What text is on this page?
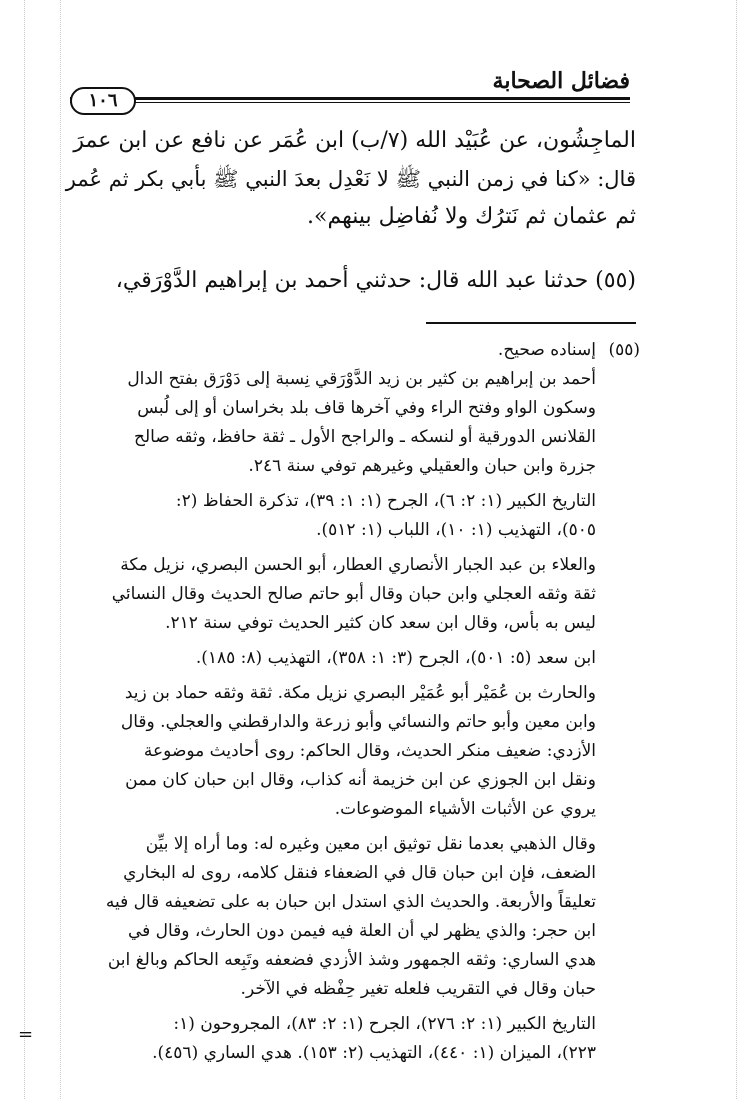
فضائل الصحابة
١٠٦
الماجِشُون، عن عُبَيْد الله (٧/ب) ابن عُمَر عن نافع عن ابن عمرَ
قال: «كنا في زمن النبي ﷺ لا نَعْدِل بعدَ النبي ﷺ بأبي بكر ثم عُمر
ثم عثمان ثم نَترُك ولا نُفاضِل بينهم».
(٥٥) حدثنا عبد الله قال: حدثني أحمد بن إبراهيم الدَّوْرَقي،
(٥٥)إسناده صحيح.
أحمد بن إبراهيم بن كثير بن زيد الدَّوْرَقي نِسبة إلى دَوْرَق بفتح الدال
وسكون الواو وفتح الراء وفي آخرها قاف بلد بخراسان أو إلى لُبس
القلانس الدورقية أو لنسكه ـ والراجح الأول ـ ثقة حافظ، وثقه صالح
جزرة وابن حبان والعقيلي وغيرهم توفي سنة ٢٤٦.
التاريخ الكبير (١: ٢: ٦)، الجرح (١: ١: ٣٩)، تذكرة الحفاظ (٢:
٥٠٥)، التهذيب (١: ١٠)، اللباب (١: ٥١٢).
والعلاء بن عبد الجبار الأنصاري العطار، أبو الحسن البصري، نزيل مكة
ثقة وثقه العجلي وابن حبان وقال أبو حاتم صالح الحديث وقال النسائي
ليس به بأس، وقال ابن سعد كان كثير الحديث توفي سنة ٢١٢.
ابن سعد (٥: ٥٠١)، الجرح (٣: ١: ٣٥٨)، التهذيب (٨: ١٨٥).
والحارث بن عُمَيْر أبو عُمَيْر البصري نزيل مكة. ثقة وثقه حماد بن زيد
وابن معين وأبو حاتم والنسائي وأبو زرعة والدارقطني والعجلي. وقال
الأزدي: ضعيف منكر الحديث، وقال الحاكم: روى أحاديث موضوعة
ونقل ابن الجوزي عن ابن خزيمة أنه كذاب، وقال ابن حبان كان ممن
يروي عن الأثبات الأشياء الموضوعات.
وقال الذهبي بعدما نقل توثيق ابن معين وغيره له: وما أراه إلا بيِّن
الضعف، فإن ابن حبان قال في الضعفاء فنقل كلامه، روى له البخاري
تعليقاً والأربعة. والحديث الذي استدل ابن حبان به على تضعيفه قال فيه
ابن حجر: والذي يظهر لي أن العلة فيه فيمن دون الحارث، وقال في
هدي الساري: وثقه الجمهور وشذ الأزدي فضعفه وتَبِعه الحاكم وبالغ ابن
حبان وقال في التقريب فلعله تغير حِفْظه في الآخر.
التاريخ الكبير (١: ٢: ٢٧٦)، الجرح (١: ٢: ٨٣)، المجروحون (١:
٢٢٣)، الميزان (١: ٤٤٠)، التهذيب (٢: ١٥٣). هدي الساري (٤٥٦).
=
